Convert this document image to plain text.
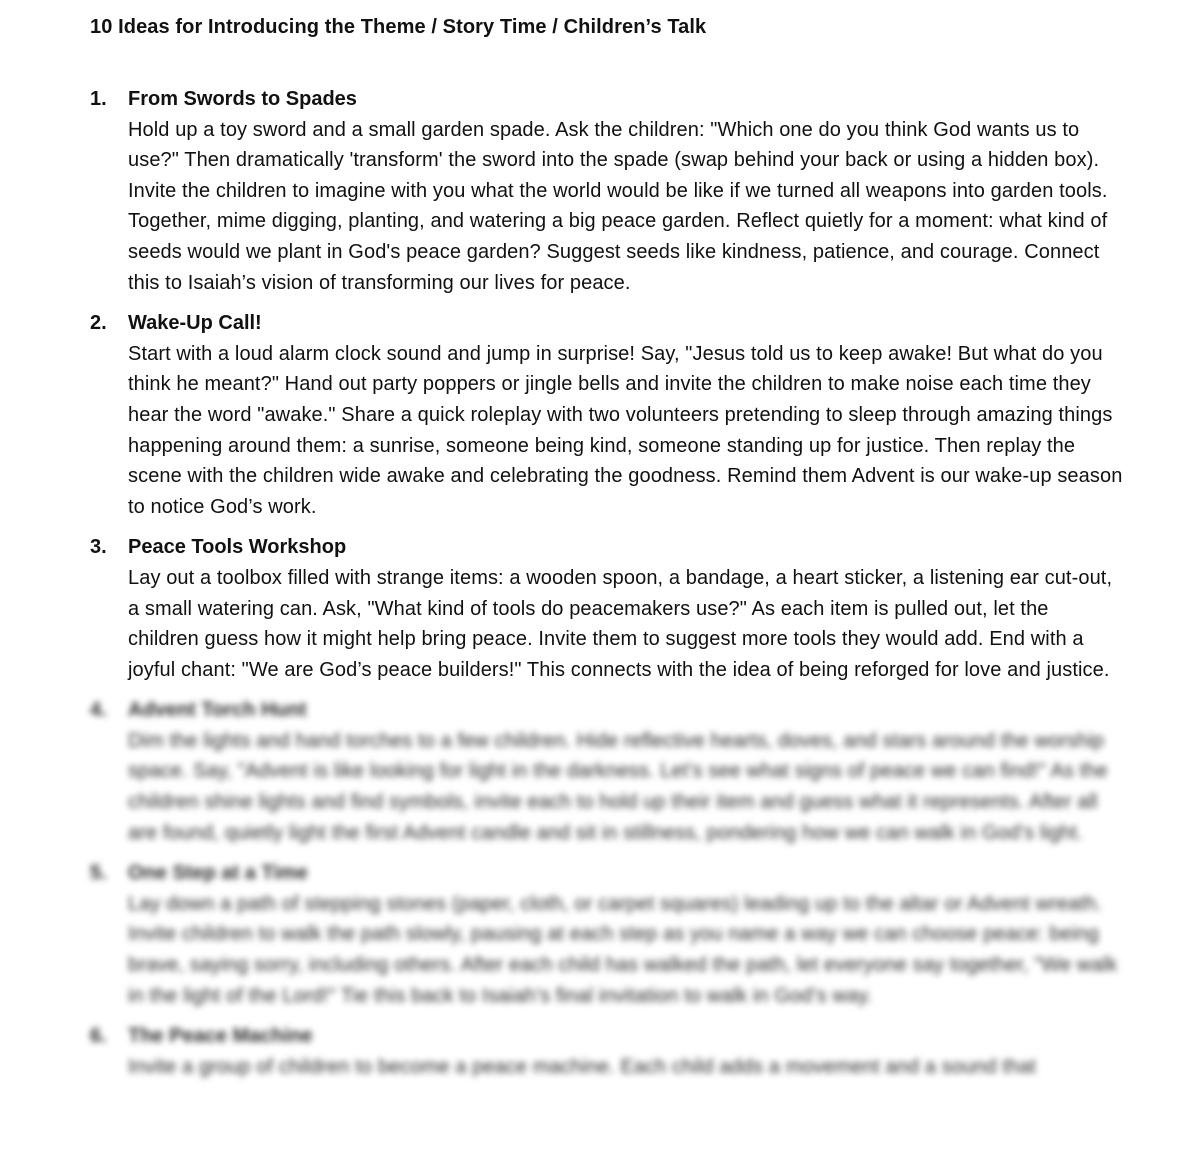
10 Ideas for Introducing the Theme / Story Time / Children’s Talk
1.	From Swords to Spades
Hold up a toy sword and a small garden spade. Ask the children: "Which one do you think God wants us to use?" Then dramatically 'transform' the sword into the spade (swap behind your back or using a hidden box). Invite the children to imagine with you what the world would be like if we turned all weapons into garden tools. Together, mime digging, planting, and watering a big peace garden. Reflect quietly for a moment: what kind of seeds would we plant in God's peace garden? Suggest seeds like kindness, patience, and courage. Connect this to Isaiah’s vision of transforming our lives for peace.
2.	Wake-Up Call!
Start with a loud alarm clock sound and jump in surprise! Say, "Jesus told us to keep awake! But what do you think he meant?" Hand out party poppers or jingle bells and invite the children to make noise each time they hear the word "awake." Share a quick roleplay with two volunteers pretending to sleep through amazing things happening around them: a sunrise, someone being kind, someone standing up for justice. Then replay the scene with the children wide awake and celebrating the goodness. Remind them Advent is our wake-up season to notice God’s work.
3.	Peace Tools Workshop
Lay out a toolbox filled with strange items: a wooden spoon, a bandage, a heart sticker, a listening ear cut-out, a small watering can. Ask, "What kind of tools do peacemakers use?" As each item is pulled out, let the children guess how it might help bring peace. Invite them to suggest more tools they would add. End with a joyful chant: "We are God’s peace builders!" This connects with the idea of being reforged for love and justice.
4.	Advent Torch Hunt
Dim the lights and hand torches to a few children. Hide reflective hearts, doves, and stars around the worship space. Say, "Advent is like looking for light in the darkness. Let’s see what signs of peace we can find!" As the children shine lights and find symbols, invite each to hold up their item and guess what it represents. After all are found, quietly light the first Advent candle and sit in stillness, pondering how we can walk in God’s light.
5.	One Step at a Time
Lay down a path of stepping stones (paper, cloth, or carpet squares) leading up to the altar or Advent wreath. Invite children to walk the path slowly, pausing at each step as you name a way we can choose peace: being brave, saying sorry, including others. After each child has walked the path, let everyone say together, "We walk in the light of the Lord!" Tie this back to Isaiah’s final invitation to walk in God’s way.
6.	The Peace Machine
Invite a group of children to become a peace machine. Each child adds a movement and a sound that
